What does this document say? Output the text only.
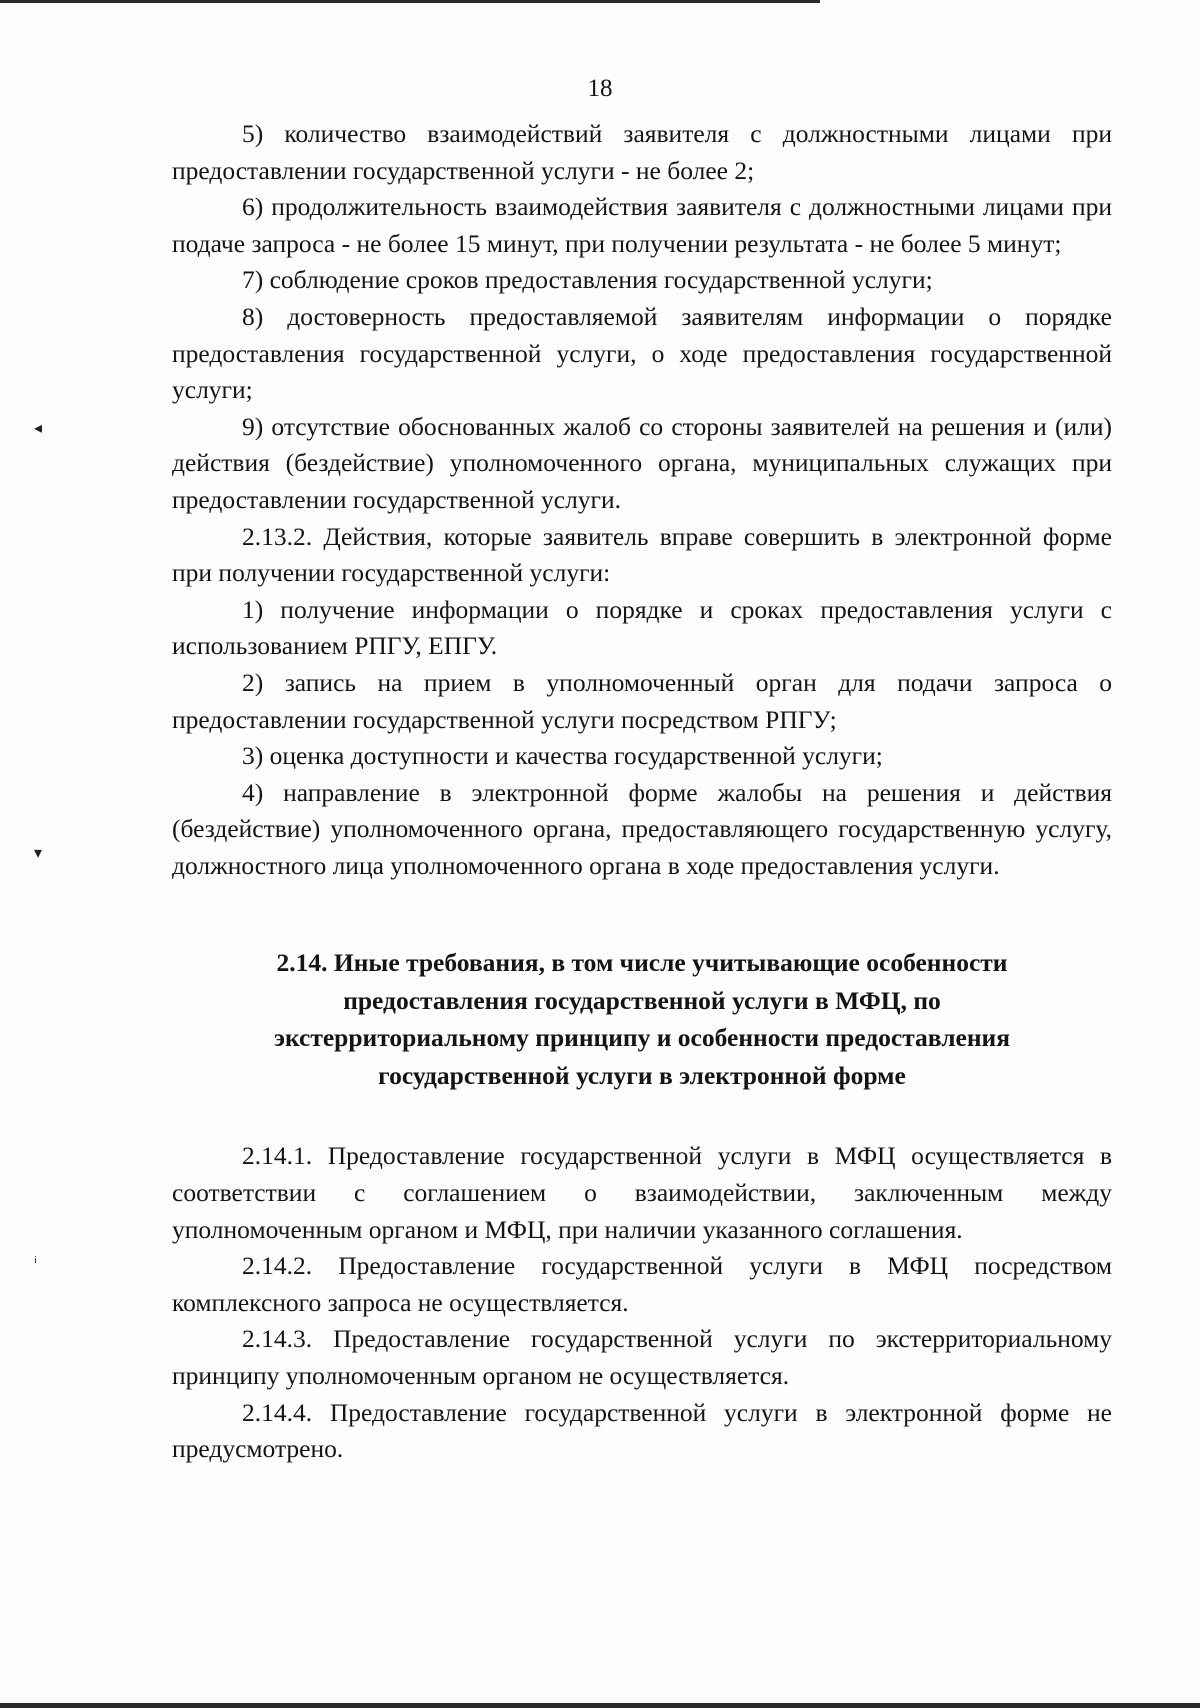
◂
▾
ᵢ
18

5) количество взаимодействий заявителя с должностными лицами при предоставлении государственной услуги - не более 2;

6) продолжительность взаимодействия заявителя с должностными лицами при подаче запроса - не более 15 минут, при получении результата - не более 5 минут;

7) соблюдение сроков предоставления государственной услуги;

8) достоверность предоставляемой заявителям информации о порядке предоставления государственной услуги, о ходе предоставления государственной услуги;

9) отсутствие обоснованных жалоб со стороны заявителей на решения и (или) действия (бездействие) уполномоченного органа, муниципальных служащих при предоставлении государственной услуги.

2.13.2. Действия, которые заявитель вправе совершить в электронной форме при получении государственной услуги:

1) получение информации о порядке и сроках предоставления услуги с использованием РПГУ, ЕПГУ.

2) запись на прием в уполномоченный орган для подачи запроса о предоставлении государственной услуги посредством РПГУ;

3) оценка доступности и качества государственной услуги;

4) направление в электронной форме жалобы на решения и действия (бездействие) уполномоченного органа, предоставляющего государственную услугу, должностного лица уполномоченного органа в ходе предоставления услуги.

2.14. Иные требования, в том числе учитывающие особенности
предоставления государственной услуги в МФЦ, по
экстерриториальному принципу и особенности предоставления
государственной услуги в электронной форме

2.14.1. Предоставление государственной услуги в МФЦ осуществляется в соответствии с соглашением о взаимодействии, заключенным между уполномоченным органом и МФЦ, при наличии указанного соглашения.

2.14.2. Предоставление государственной услуги в МФЦ посредством комплексного запроса не осуществляется.

2.14.3. Предоставление государственной услуги по экстерриториальному принципу уполномоченным органом не осуществляется.

2.14.4. Предоставление государственной услуги в электронной форме не предусмотрено.
